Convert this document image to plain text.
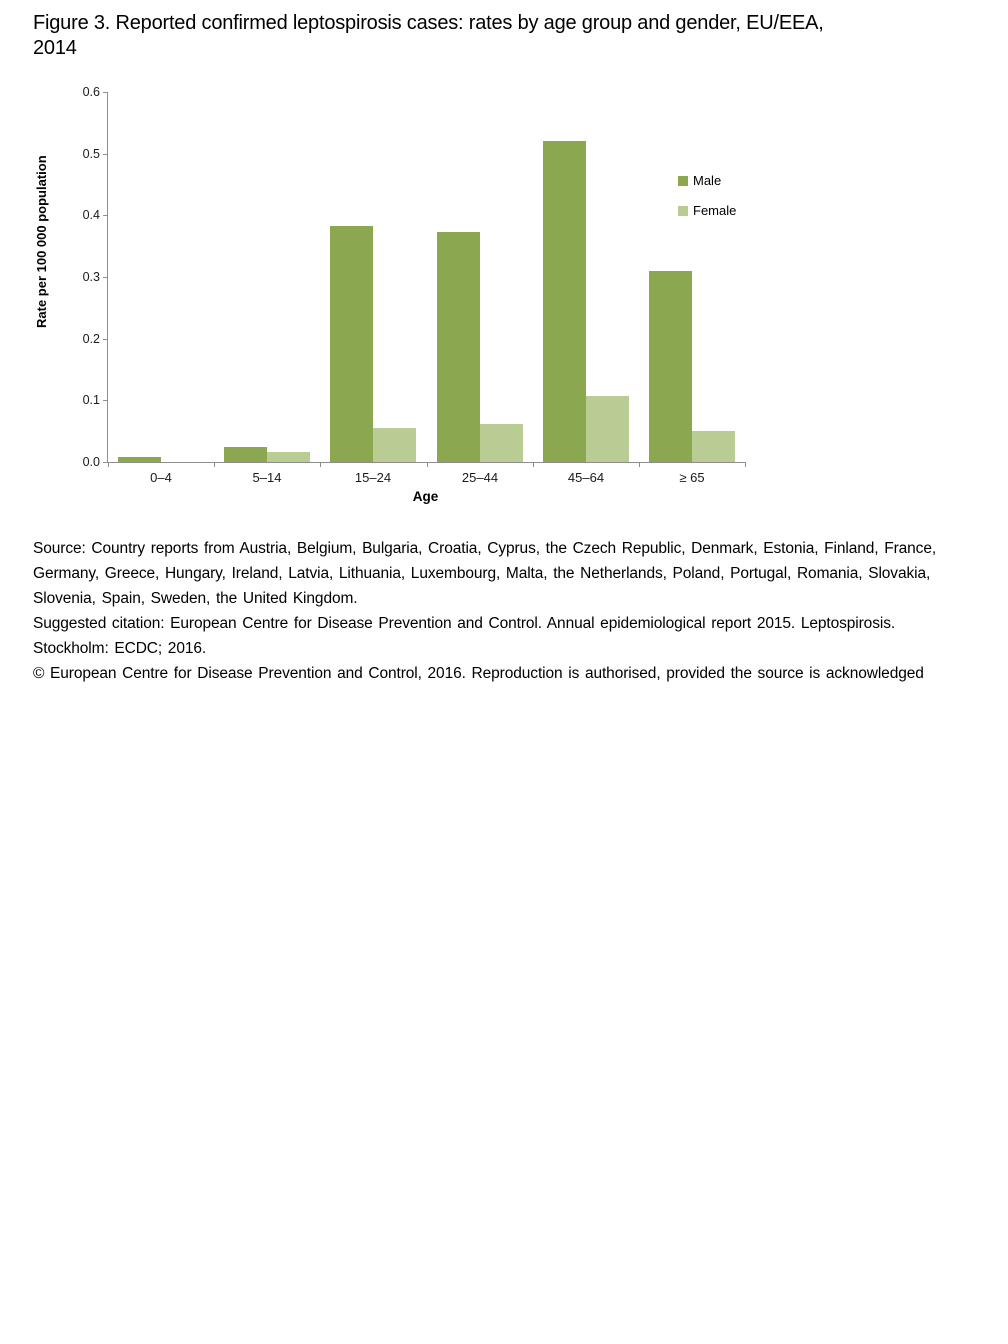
Figure 3. Reported confirmed leptospirosis cases: rates by age group and gender, EU/EEA,
2014
Rate per 100 000 population	Male
Female
0.0
0.1
0.2
0.3
0.4
0.5
0.6
0–4	5–14	15–24	25–44	45–64	≥ 65
Age
Source: Country reports from Austria, Belgium, Bulgaria, Croatia, Cyprus, the Czech Republic, Denmark, Estonia, Finland, France,
Germany, Greece, Hungary, Ireland, Latvia, Lithuania, Luxembourg, Malta, the Netherlands, Poland, Portugal, Romania, Slovakia,
Slovenia, Spain, Sweden, the United Kingdom.
Suggested citation: European Centre for Disease Prevention and Control. Annual epidemiological report 2015. Leptospirosis.
Stockholm: ECDC; 2016.
© European Centre for Disease Prevention and Control, 2016. Reproduction is authorised, provided the source is acknowledged
